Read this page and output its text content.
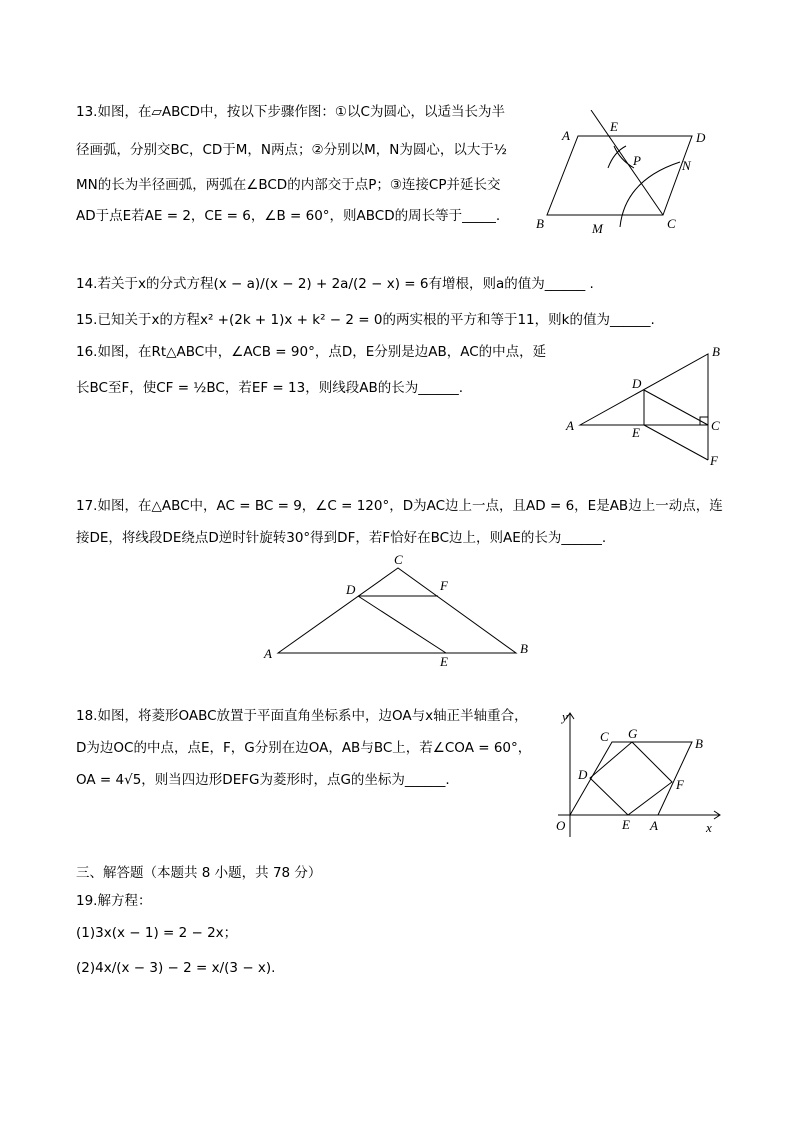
13.如图，在▱ABCD中，按以下步骤作图：①以C为圆心，以适当长为半
径画弧，分别交BC，CD于M，N两点；②分别以M，N为圆心，以大于½
MN的长为半径画弧，两弧在∠BCD的内部交于点P；③连接CP并延长交
AD于点E若AE = 2，CE = 6，∠B = 60°，则ABCD的周长等于_____.
A
E
D
P	N
B	M	C
14.若关于x的分式方程(x − a)/(x − 2) + 2a/(2 − x) = 6有增根，则a的值为______ .
15.已知关于x的方程x² +(2k + 1)x + k² − 2 = 0的两实根的平方和等于11，则k的值为______.
16.如图，在Rt△ABC中，∠ACB = 90°，点D，E分别是边AB，AC的中点，延
长BC至F，使CF = ½BC，若EF = 13，则线段AB的长为______.
B
D
A	E	C
F
17.如图，在△ABC中，AC = BC = 9，∠C = 120°，D为AC边上一点，且AD = 6，E是AB边上一动点，连
接DE，将线段DE绕点D逆时针旋转30°得到DF，若F恰好在BC边上，则AE的长为______.
C
D	F
A
E
B
18.如图，将菱形OABC放置于平面直角坐标系中，边OA与x轴正半轴重合，
D为边OC的中点，点E，F，G分别在边OA，AB与BC上，若∠COA = 60°，
OA = 4√5，则当四边形DEFG为菱形时，点G的坐标为______.
y
C G
B
D
F
O	E A	x
三、解答题（本题共 8 小题，共 78 分）
19.解方程：
(1)3x(x − 1) = 2 − 2x；
(2)4x/(x − 3) − 2 = x/(3 − x).
